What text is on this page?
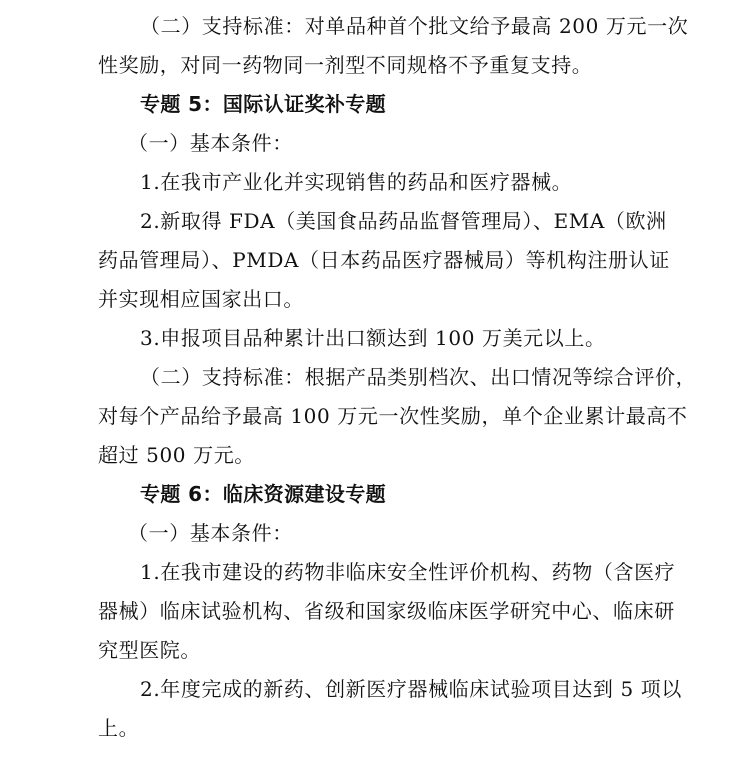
（二）支持标准：对单品种首个批文给予最高 200 万元一次
性奖励，对同一药物同一剂型不同规格不予重复支持。
专题 5：国际认证奖补专题
（一）基本条件：
1.在我市产业化并实现销售的药品和医疗器械。
2.新取得 FDA（美国食品药品监督管理局）、EMA（欧洲
药品管理局）、PMDA（日本药品医疗器械局）等机构注册认证
并实现相应国家出口。
3.申报项目品种累计出口额达到 100 万美元以上。
（二）支持标准：根据产品类别档次、出口情况等综合评价，
对每个产品给予最高 100 万元一次性奖励，单个企业累计最高不
超过 500 万元。
专题 6：临床资源建设专题
（一）基本条件：
1.在我市建设的药物非临床安全性评价机构、药物（含医疗
器械）临床试验机构、省级和国家级临床医学研究中心、临床研
究型医院。
2.年度完成的新药、创新医疗器械临床试验项目达到 5 项以
上。
